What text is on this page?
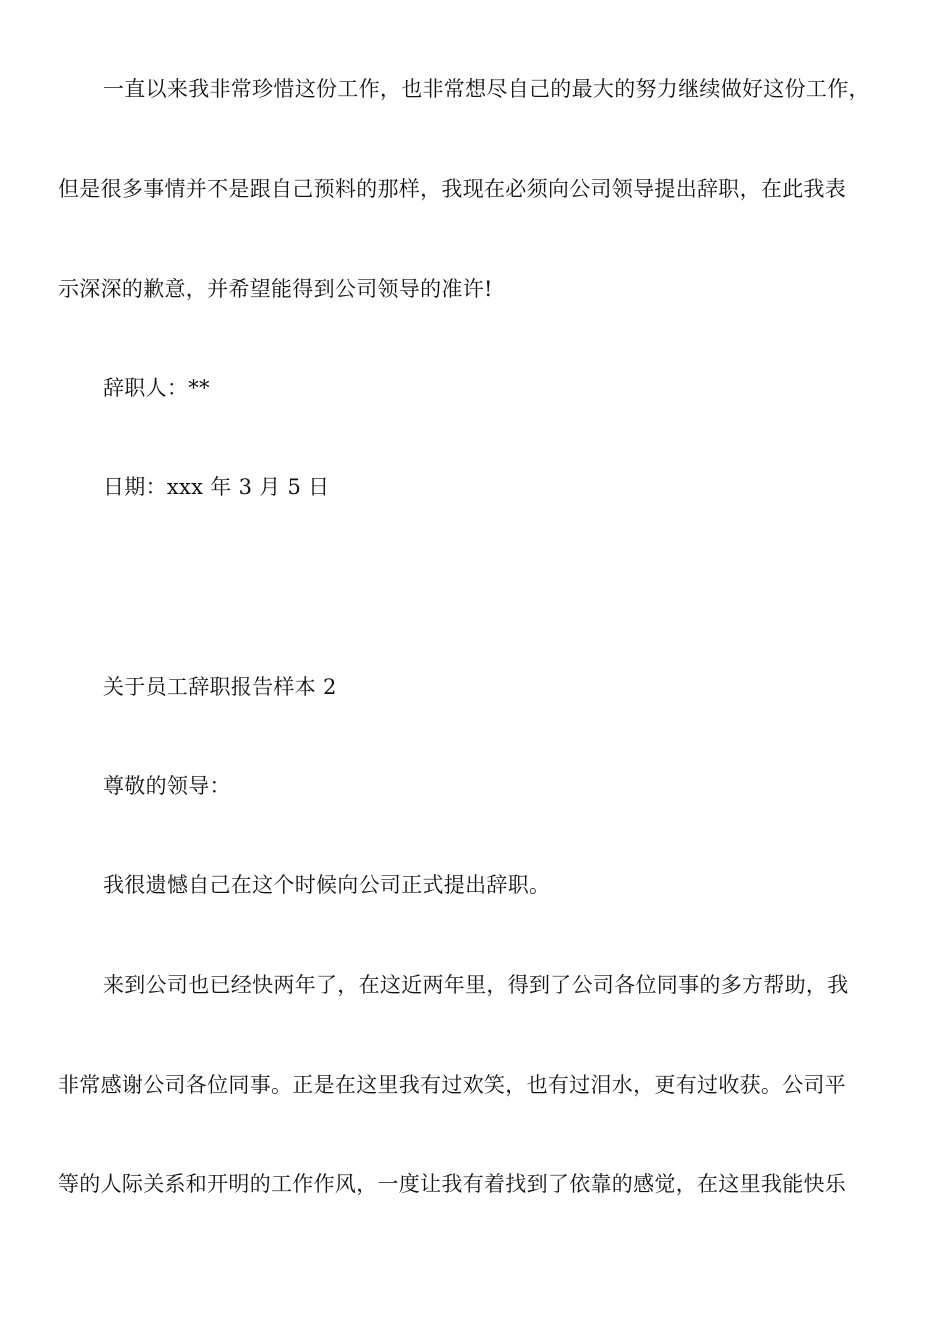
一直以来我非常珍惜这份工作，也非常想尽自己的最大的努力继续做好这份工作，
但是很多事情并不是跟自己预料的那样，我现在必须向公司领导提出辞职，在此我表
示深深的歉意，并希望能得到公司领导的准许!
辞职人：**
日期：xxx 年 3 月 5 日
关于员工辞职报告样本 2
尊敬的领导：
我很遗憾自己在这个时候向公司正式提出辞职。
来到公司也已经快两年了，在这近两年里，得到了公司各位同事的多方帮助，我
非常感谢公司各位同事。正是在这里我有过欢笑，也有过泪水，更有过收获。公司平
等的人际关系和开明的工作作风，一度让我有着找到了依靠的感觉，在这里我能快乐
